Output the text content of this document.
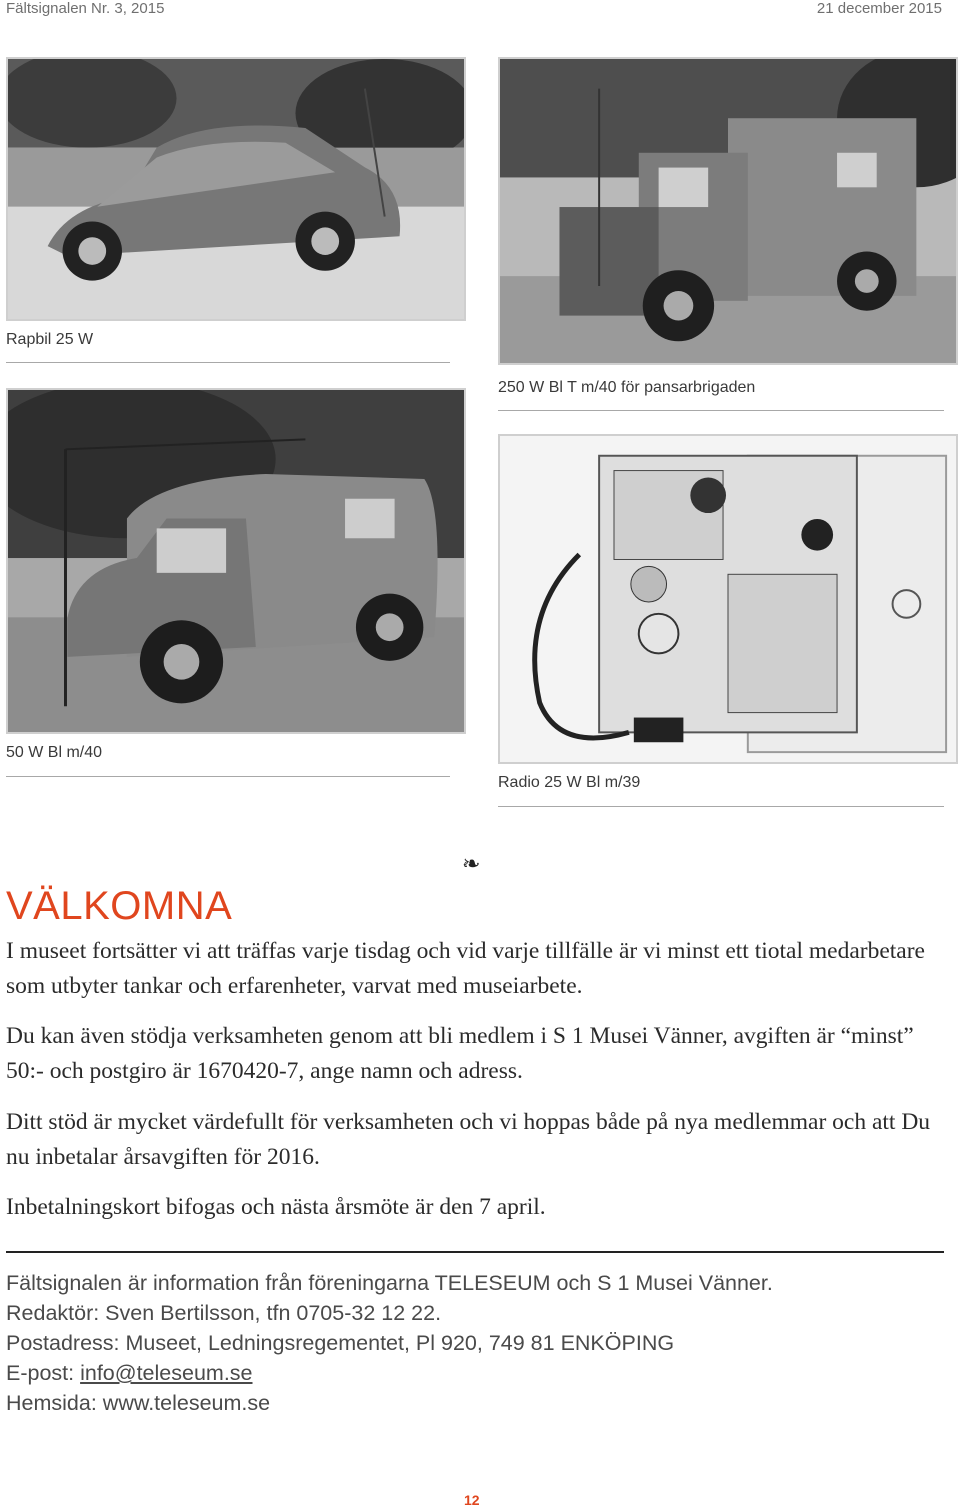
Fältsignalen Nr. 3, 2015	21 december 2015
Rapbil 25 W
250 W Bl T m/40 för pansarbrigaden
50 W Bl m/40
Radio 25 W Bl m/39
❧
VÄLKOMNA

I museet fortsätter vi att träffas varje tisdag och vid varje tillfälle är vi minst ett tiotal medarbetare som utbyter tankar och erfarenheter, varvat med museiarbete.

Du kan även stödja verksamheten genom att bli medlem i S 1 Musei Vänner, avgiften är “minst” 50:- och postgiro är 1670420-7, ange namn och adress.

Ditt stöd är mycket värdefullt för verksamheten och vi hoppas både på nya medlemmar och att Du nu inbetalar årsavgiften för 2016.

Inbetalningskort bifogas och nästa årsmöte är den 7 april.

Fältsignalen är information från föreningarna TELESEUM och S 1 Musei Vänner.
Redaktör: Sven Bertilsson, tfn 0705-32 12 22.
Postadress: Museet, Ledningsregementet, Pl 920, 749 81 ENKÖPING
E-post: info@teleseum.se
Hemsida: www.teleseum.se
12
